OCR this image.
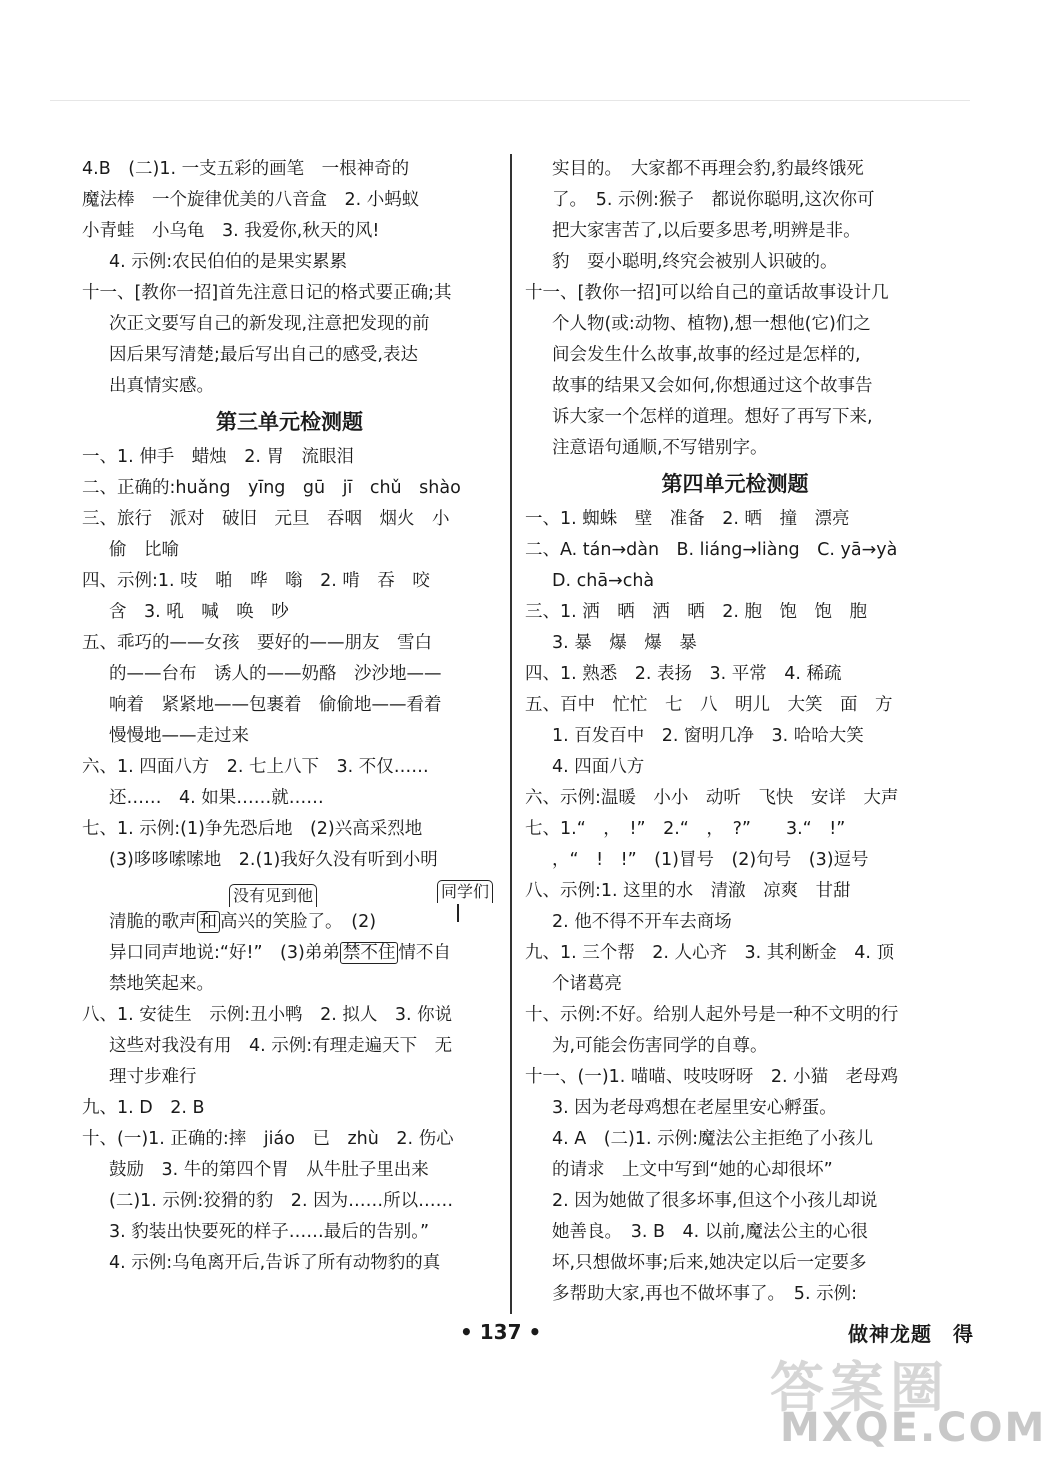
4.B　(二)1. 一支五彩的画笔　一根神奇的
魔法棒　一个旋律优美的八音盒　2. 小蚂蚁
小青蛙　小乌龟　3. 我爱你,秋天的风!
4. 示例:农民伯伯的是果实累累
十一、[教你一招]首先注意日记的格式要正确;其
次正文要写自己的新发现,注意把发现的前
因后果写清楚;最后写出自己的感受,表达
出真情实感。
第三单元检测题
一、1. 伸手　蜡烛　2. 胃　流眼泪
二、正确的:huǎng　yīng　gū　jī　chǔ　shào
三、旅行　派对　破旧　元旦　吞咽　烟火　小
偷　比喻
四、示例:1. 吱　啪　哗　嗡　2. 啃　吞　咬
含　3. 吼　喊　唤　吵
五、乖巧的——女孩　要好的——朋友　雪白
的——台布　诱人的——奶酪　沙沙地——
响着　紧紧地——包裹着　偷偷地——看着
慢慢地——走过来
六、1. 四面八方　2. 七上八下　3. 不仅……
还……　4. 如果……就……
七、1. 示例:(1)争先恐后地　(2)兴高采烈地
(3)哆哆嗦嗦地　2.(1)我好久没有听到小明
没有见到他	同学们
清脆的歌声 和 高兴的笑脸了。　(2)
异口同声地说:“好!”　(3)弟弟 禁不住 情不自
禁地笑起来。
八、1. 安徒生　示例:丑小鸭　2. 拟人　3. 你说
这些对我没有用　4. 示例:有理走遍天下　无
理寸步难行
九、1. D　2. B
十、(一)1. 正确的:摔　jiáo　已　zhù　2. 伤心
鼓励　3. 牛的第四个胃　从牛肚子里出来
(二)1. 示例:狡猾的豹　2. 因为……所以……
3. 豹装出快要死的样子……最后的告别。”
4. 示例:乌龟离开后,告诉了所有动物豹的真
实目的。　大家都不再理会豹,豹最终饿死
了。　5. 示例:猴子　都说你聪明,这次你可
把大家害苦了,以后要多思考,明辨是非。
豹　耍小聪明,终究会被别人识破的。
十一、[教你一招]可以给自己的童话故事设计几
个人物(或:动物、植物),想一想他(它)们之
间会发生什么故事,故事的经过是怎样的,
故事的结果又会如何,你想通过这个故事告
诉大家一个怎样的道理。想好了再写下来,
注意语句通顺,不写错别字。
第四单元检测题
一、1. 蜘蛛　壁　准备　2. 晒　撞　漂亮
二、A. tán→dàn　B. liáng→liàng　C. yā→yà
D. chā→chà
三、1. 洒　晒　洒　晒　2. 胞　饱　饱　胞
3. 暴　爆　爆　暴
四、1. 熟悉　2. 表扬　3. 平常　4. 稀疏
五、百中　忙忙　七　八　明儿　大笑　面　方
1. 百发百中　2. 窗明几净　3. 哈哈大笑
4. 四面八方
六、示例:温暖　小小　动听　飞快　安详　大声
七、1.“　，　!”　2.“　，　?”　　3.“　!”
，“　!　!”　(1)冒号　(2)句号　(3)逗号
八、示例:1. 这里的水　清澈　凉爽　甘甜
2. 他不得不开车去商场
九、1. 三个帮　2. 人心齐　3. 其利断金　4. 顶
个诸葛亮
十、示例:不好。给别人起外号是一种不文明的行
为,可能会伤害同学的自尊。
十一、(一)1. 喵喵、吱吱呀呀　2. 小猫　老母鸡
3. 因为老母鸡想在老屋里安心孵蛋。
4. A　(二)1. 示例:魔法公主拒绝了小孩儿
的请求　上文中写到“她的心却很坏”
2. 因为她做了很多坏事,但这个小孩儿却说
她善良。　3. B　4. 以前,魔法公主的心很
坏,只想做坏事;后来,她决定以后一定要多
多帮助大家,再也不做坏事了。　5. 示例:
• 137 •	做神龙题　得
答案圈
MXQE.COM
